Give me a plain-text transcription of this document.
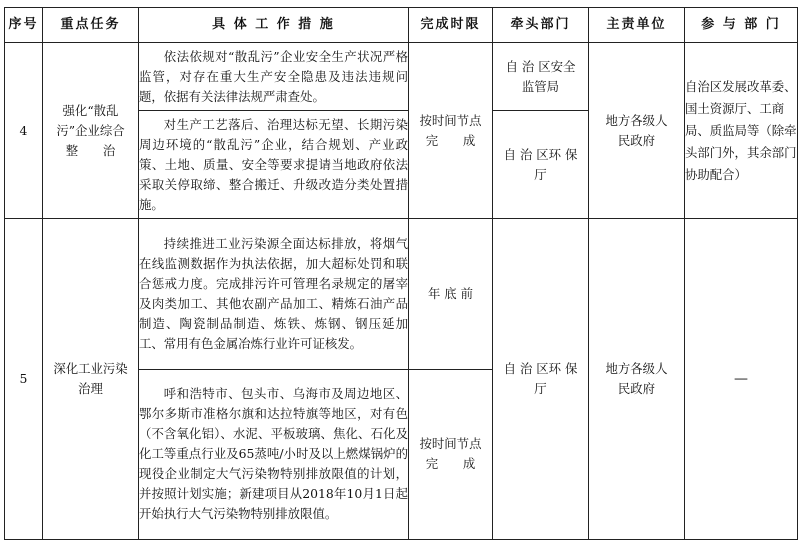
序号	重点任务	具 体 工 作 措 施	完成时限	牵头部门	主责单位	参 与 部 门
4	强化“散乱污”企业综合整　　治	依法依规对“散乱污”企业安全生产状况严格监管，对存在重大生产安全隐患及违法违规问题，依据有关法律法规严肃查处。	按时间节点完　　成	自 治 区安全监管局	地方各级人民政府	自治区发展改革委、国土资源厅、工商局、质监局等（除牵头部门外，其余部门协助配合）

		对生产工艺落后、治理达标无望、长期污染周边环境的“散乱污”企业，结合规划、产业政策、土地、质量、安全等要求提请当地政府依法采取关停取缔、整合搬迁、升级改造分类处置措施。		自 治 区环 保 厅		
5	深化工业污染治理	持续推进工业污染源全面达标排放，将烟气在线监测数据作为执法依据，加大超标处罚和联合惩戒力度。完成排污许可管理名录规定的屠宰及肉类加工、其他农副产品加工、精炼石油产品制造、陶瓷制品制造、炼铁、炼钢、钢压延加工、常用有色金属冶炼行业许可证核发。	年 底 前	自 治 区环 保 厅	地方各级人民政府	—

		呼和浩特市、包头市、乌海市及周边地区、鄂尔多斯市准格尔旗和达拉特旗等地区，对有色（不含氧化铝）、水泥、平板玻璃、焦化、石化及化工等重点行业及65蒸吨/小时及以上燃煤锅炉的现役企业制定大气污染物特别排放限值的计划，并按照计划实施；新建项目从2018年10月1日起开始执行大气污染物特别排放限值。	按时间节点完　　成			
